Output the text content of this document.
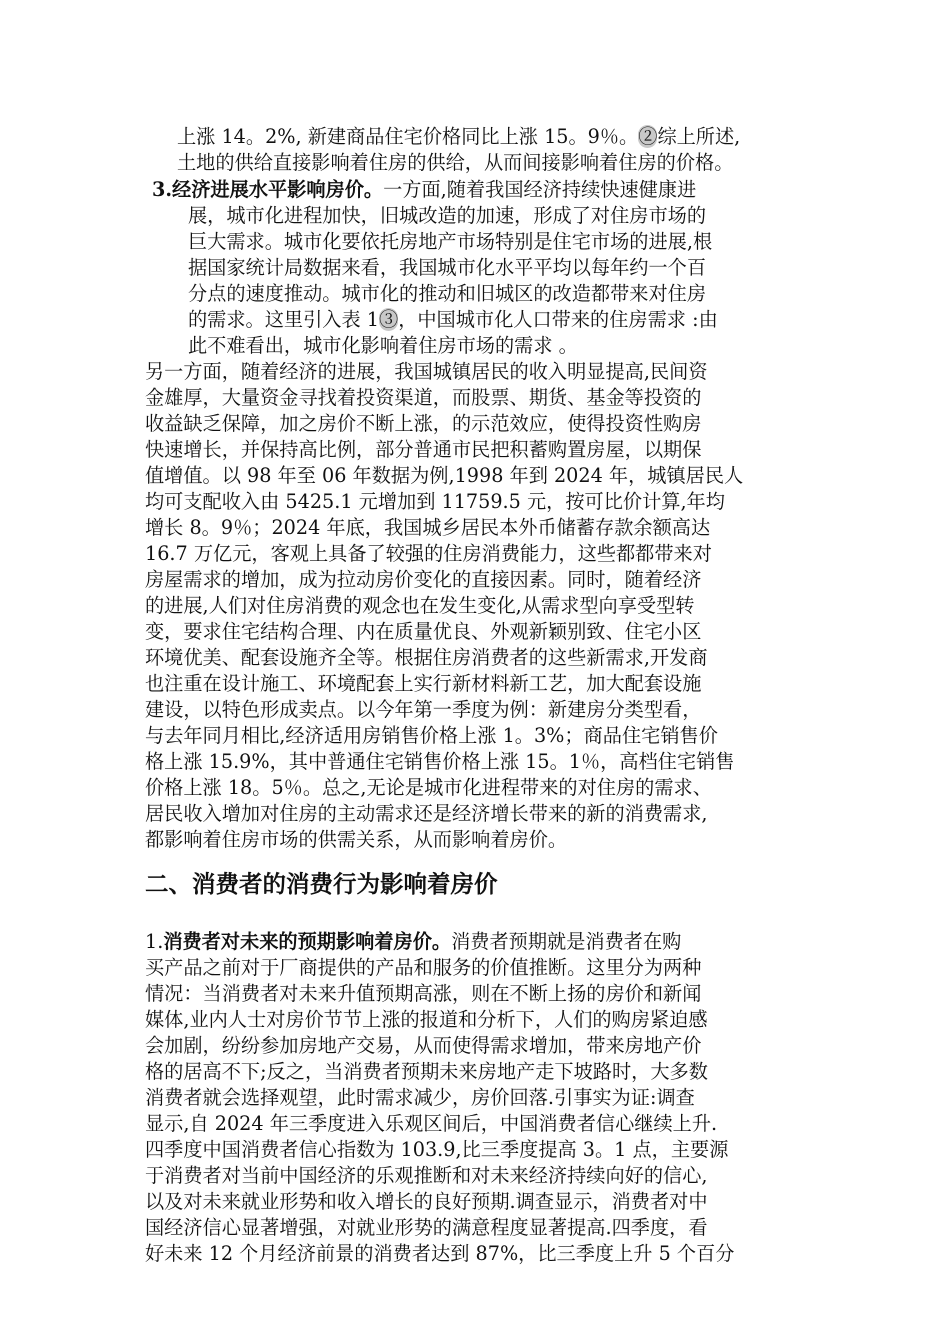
上涨 14。2%, 新建商品住宅价格同比上涨 15。9％。②综上所述,
土地的供给直接影响着住房的供给，从而间接影响着住房的价格。
3.经济进展水平影响房价。一方面,随着我国经济持续快速健康进
展，城市化进程加快，旧城改造的加速，形成了对住房市场的
巨大需求。城市化要依托房地产市场特别是住宅市场的进展,根
据国家统计局数据来看，我国城市化水平平均以每年约一个百
分点的速度推动。城市化的推动和旧城区的改造都带来对住房
的需求。这里引入表 1③，中国城市化人口带来的住房需求 :由
此不难看出，城市化影响着住房市场的需求 。
另一方面，随着经济的进展，我国城镇居民的收入明显提高,民间资
金雄厚，大量资金寻找着投资渠道，而股票、期货、基金等投资的
收益缺乏保障，加之房价不断上涨，的示范效应，使得投资性购房
快速增长，并保持高比例，部分普通市民把积蓄购置房屋，以期保
值增值。以 98 年至 06 年数据为例,1998 年到 2024 年，城镇居民人
均可支配收入由 5425.1 元增加到 11759.5 元，按可比价计算,年均
增长 8。9％；2024 年底，我国城乡居民本外币储蓄存款余额高达
16.7 万亿元，客观上具备了较强的住房消费能力，这些都都带来对
房屋需求的增加，成为拉动房价变化的直接因素。同时，随着经济
的进展,人们对住房消费的观念也在发生变化,从需求型向享受型转
变，要求住宅结构合理、内在质量优良、外观新颖别致、住宅小区
环境优美、配套设施齐全等。根据住房消费者的这些新需求,开发商
也注重在设计施工、环境配套上实行新材料新工艺，加大配套设施
建设，以特色形成卖点。以今年第一季度为例：新建房分类型看，
与去年同月相比,经济适用房销售价格上涨 1。3%；商品住宅销售价
格上涨 15.9%，其中普通住宅销售价格上涨 15。1％，高档住宅销售
价格上涨 18。5％。总之,无论是城市化进程带来的对住房的需求、
居民收入增加对住房的主动需求还是经济增长带来的新的消费需求,
都影响着住房市场的供需关系，从而影响着房价。
二、消费者的消费行为影响着房价
1.消费者对未来的预期影响着房价。消费者预期就是消费者在购
买产品之前对于厂商提供的产品和服务的价值推断。这里分为两种
情况：当消费者对未来升值预期高涨，则在不断上扬的房价和新闻
媒体,业内人士对房价节节上涨的报道和分析下，人们的购房紧迫感
会加剧，纷纷参加房地产交易，从而使得需求增加，带来房地产价
格的居高不下;反之，当消费者预期未来房地产走下坡路时，大多数
消费者就会选择观望，此时需求减少，房价回落.引事实为证:调查
显示,自 2024 年三季度进入乐观区间后，中国消费者信心继续上升.
四季度中国消费者信心指数为 103.9,比三季度提高 3。1 点，主要源
于消费者对当前中国经济的乐观推断和对未来经济持续向好的信心,
以及对未来就业形势和收入增长的良好预期.调查显示，消费者对中
国经济信心显著增强，对就业形势的满意程度显著提高.四季度，看
好未来 12 个月经济前景的消费者达到 87%，比三季度上升 5 个百分
